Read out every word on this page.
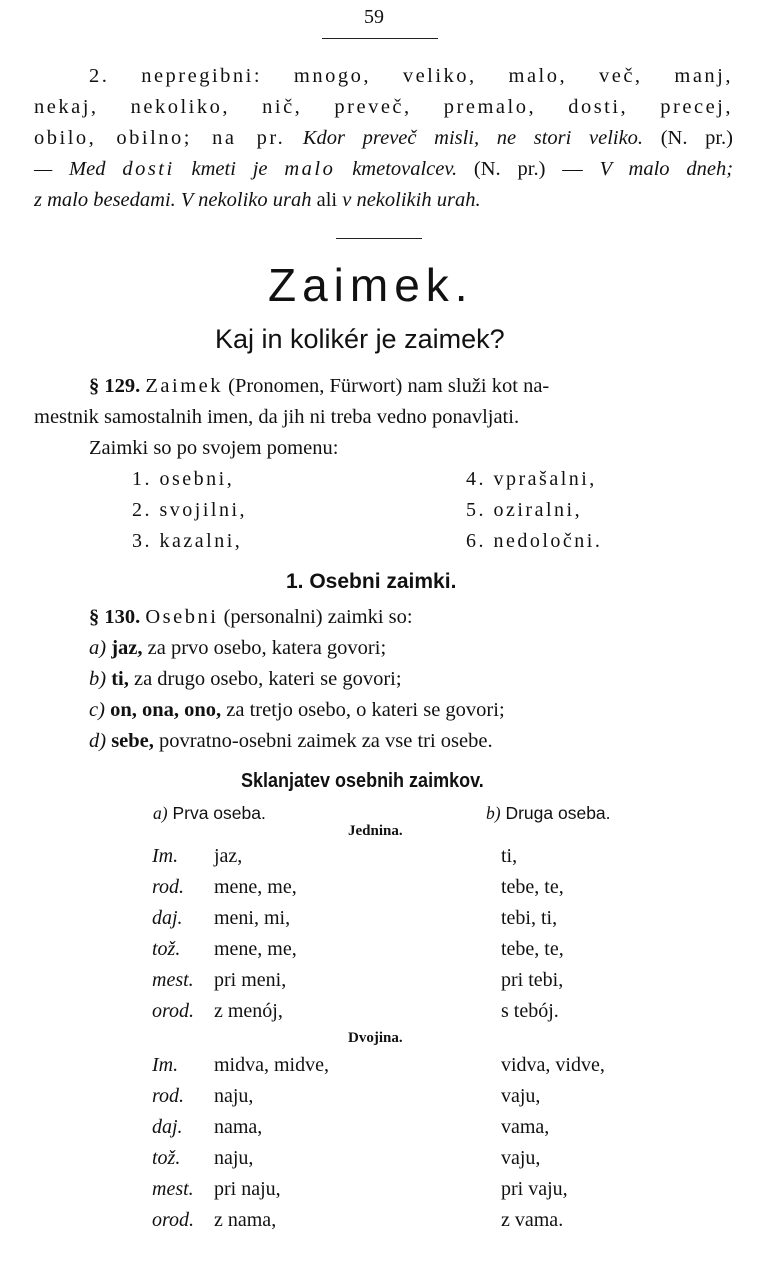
59
2. nepregibni: mnogo, veliko, malo, več, manj,
nekaj, nekoliko, nič, preveč, premalo, dosti, precej,
obilo, obilno; na pr. Kdor preveč misli, ne stori veliko. (N. pr.)
— Med dosti kmeti je malo kmetovalcev. (N. pr.) — V malo dneh;
z malo besedami. V nekoliko urah ali v nekolikih urah.
Zaimek.
Kaj in kolikér je zaimek?
§ 129. Zaimek (Pronomen, Fürwort) nam služi kot na-
mestnik samostalnih imen, da jih ni treba vedno ponavljati.
Zaimki so po svojem pomenu:
1. osebni,
2. svojilni,
3. kazalni,
4. vprašalni,
5. oziralni,
6. nedoločni.
1. Osebni zaimki.
§ 130. Osebni (personalni) zaimki so:
a) jaz, za prvo osebo, katera govori;
b) ti, za drugo osebo, kateri se govori;
c) on, ona, ono, za tretjo osebo, o kateri se govori;
d) sebe, povratno-osebni zaimek za vse tri osebe.
Sklanjatev osebnih zaimkov.
a) Prva oseba.	b) Druga oseba.
Jednina.
Im. jaz,	ti,
rod. mene, me,	tebe, te,
daj. meni, mi,	tebi, ti,
tož. mene, me,	tebe, te,
mest. pri meni,	pri tebi,
orod. z menój,	s tebój.
Dvojina.
Im. midva, midve,	vidva, vidve,
rod. naju,	vaju,
daj. nama,	vama,
tož. naju,	vaju,
mest. pri naju,	pri vaju,
orod. z nama,	z vama.
